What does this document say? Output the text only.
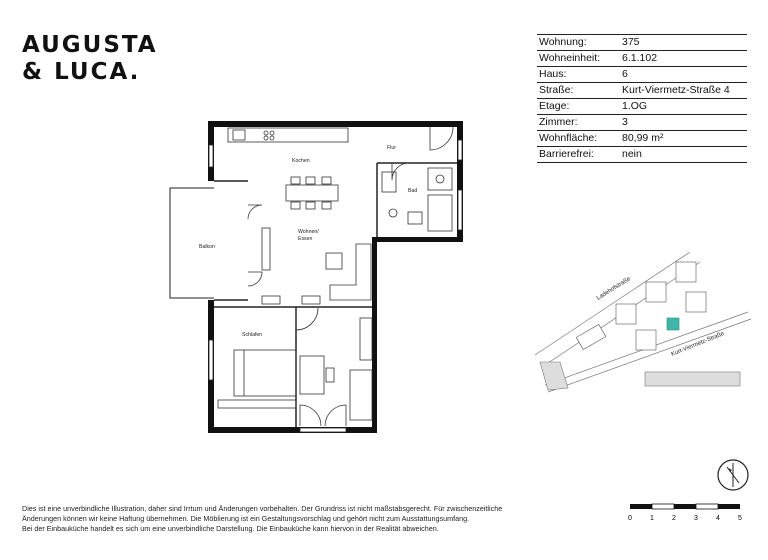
AUGUSTA
& LUCA.
Wohnung:	375
Wohneinheit: 6.1.102
Haus:	6
Straße:	Kurt-Viermetz-Straße 4
Etage:	1.OG
Zimmer:	3
Wohnfläche: 80,99 m²
Barrierefrei:	nein
Kochen
Flur
Bad
Wohnen/
Essen
Balkon
Schlafen
Ladehofstraße
Kurt-Viermetz-Straße
Dies ist eine unverbindliche Illustration, daher sind Irrtum und Änderungen vorbehalten. Der Grundriss ist nicht maßstabsgerecht. Für zwischenzeitliche
Änderungen können wir keine Haftung übernehmen. Die Möblierung ist ein Gestaltungsvorschlag und gehört nicht zum Ausstattungsumfang.
Bei der Einbauküche handelt es sich um eine unverbindliche Darstellung. Die Einbauküche kann hiervon in der Realität abweichen.
0	1	2	3	4	5
